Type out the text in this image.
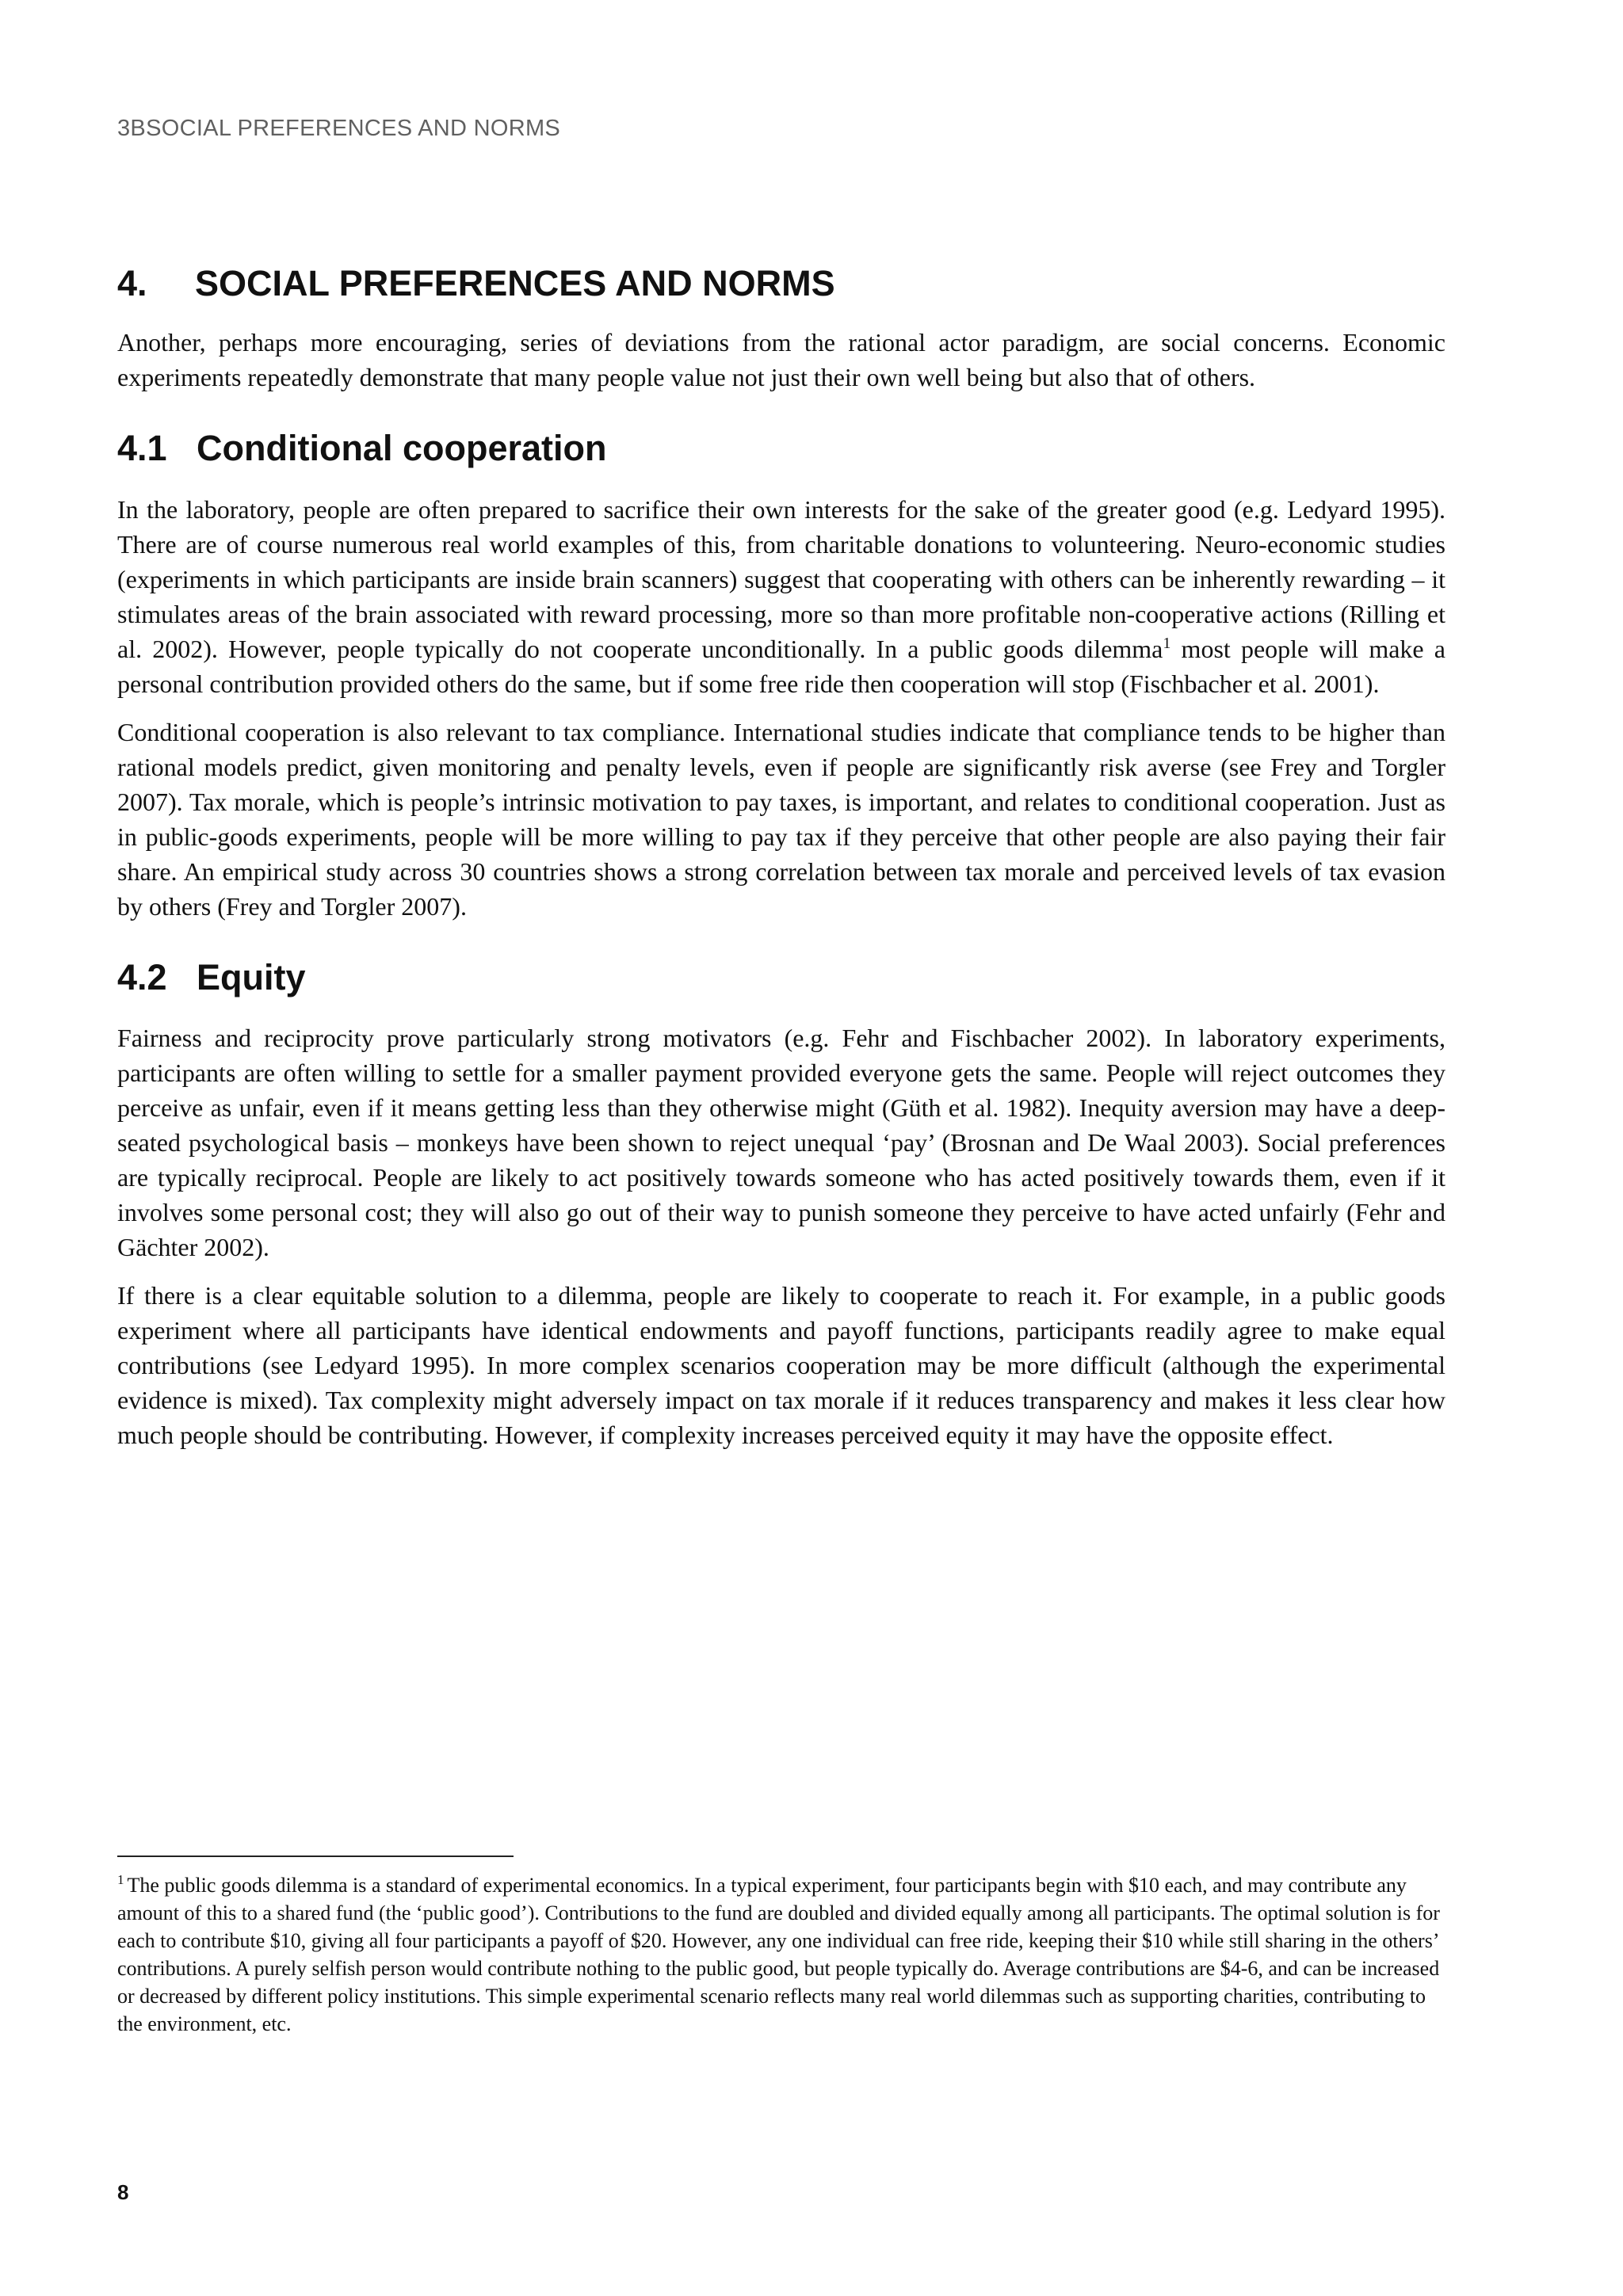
3BSOCIAL PREFERENCES AND NORMS
4.	SOCIAL PREFERENCES AND NORMS

Another, perhaps more encouraging, series of deviations from the rational actor paradigm, are social concerns. Economic experiments repeatedly demonstrate that many people value not just their own well being but also that of others.

4.1 Conditional cooperation

In the laboratory, people are often prepared to sacrifice their own interests for the sake of the greater good (e.g. Ledyard 1995). There are of course numerous real world examples of this, from charitable donations to volunteering. Neuro-economic studies (experiments in which participants are inside brain scanners) suggest that cooperating with others can be inherently rewarding – it stimulates areas of the brain associated with reward processing, more so than more profitable non-cooperative actions (Rilling et al. 2002). However, people typically do not cooperate unconditionally. In a public goods dilemma$^1$ most people will make a personal contribution provided others do the same, but if some free ride then cooperation will stop (Fischbacher et al. 2001).

Conditional cooperation is also relevant to tax compliance. International studies indicate that compliance tends to be higher than rational models predict, given monitoring and penalty levels, even if people are significantly risk averse (see Frey and Torgler 2007). Tax morale, which is people’s intrinsic motivation to pay taxes, is important, and relates to conditional cooperation. Just as in public-goods experiments, people will be more willing to pay tax if they perceive that other people are also paying their fair share. An empirical study across 30 countries shows a strong correlation between tax morale and perceived levels of tax evasion by others (Frey and Torgler 2007).

4.2 Equity

Fairness and reciprocity prove particularly strong motivators (e.g. Fehr and Fischbacher 2002). In laboratory experiments, participants are often willing to settle for a smaller payment provided everyone gets the same. People will reject outcomes they perceive as unfair, even if it means getting less than they otherwise might (Güth et al. 1982). Inequity aversion may have a deep-seated psychological basis – monkeys have been shown to reject unequal ‘pay’ (Brosnan and De Waal 2003). Social preferences are typically reciprocal. People are likely to act positively towards someone who has acted positively towards them, even if it involves some personal cost; they will also go out of their way to punish someone they perceive to have acted unfairly (Fehr and Gächter 2002).

If there is a clear equitable solution to a dilemma, people are likely to cooperate to reach it. For example, in a public goods experiment where all participants have identical endowments and payoff functions, participants readily agree to make equal contributions (see Ledyard 1995). In more complex scenarios cooperation may be more difficult (although the experimental evidence is mixed). Tax complexity might adversely impact on tax morale if it reduces transparency and makes it less clear how much people should be contributing. However, if complexity increases perceived equity it may have the opposite effect.

$^1$ The public goods dilemma is a standard of experimental economics. In a typical experiment, four participants begin with $10 each, and may contribute any amount of this to a shared fund (the ‘public good’). Contributions to the fund are doubled and divided equally among all participants. The optimal solution is for each to contribute $10, giving all four participants a payoff of $20. However, any one individual can free ride, keeping their $10 while still sharing in the others’ contributions. A purely selfish person would contribute nothing to the public good, but people typically do. Average contributions are $4-6, and can be increased or decreased by different policy institutions. This simple experimental scenario reflects many real world dilemmas such as supporting charities, contributing to the environment, etc.
8
